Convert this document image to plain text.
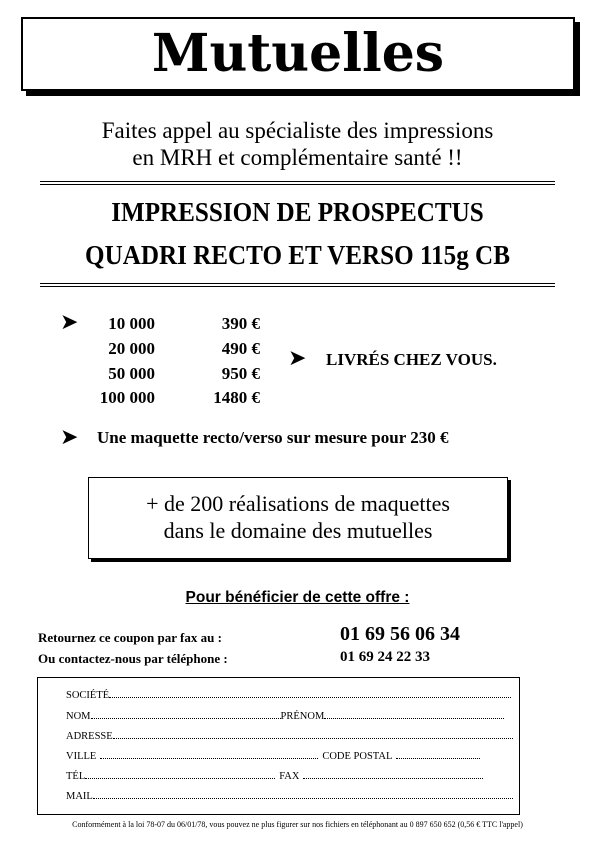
Mutuelles
Faites appel au spécialiste des impressions
en MRH et complémentaire santé !!
IMPRESSION DE PROSPECTUS
QUADRI RECTO ET VERSO 115g CB
➤	10 000	390 €
20 000	490 €
50 000	950 €
100 000	1480 €
➤ LIVRÉS CHEZ VOUS.
➤ Une maquette recto/verso sur mesure pour 230 €
+ de 200 réalisations de maquettes
dans le domaine des mutuelles
Pour bénéficier de cette offre :
Retournez ce coupon par fax au :	01 69 56 06 34
Ou contactez-nous par téléphone :	01 69 24 22 33
SOCIÉTÉ
NOM	PRÉNOM
ADRESSE
VILLE	CODE POSTAL
TÉL	FAX
MAIL
Conformément à la loi 78-07 du 06/01/78, vous pouvez ne plus figurer sur nos fichiers en téléphonant au 0 897 650 652 (0,56 € TTC l'appel)
